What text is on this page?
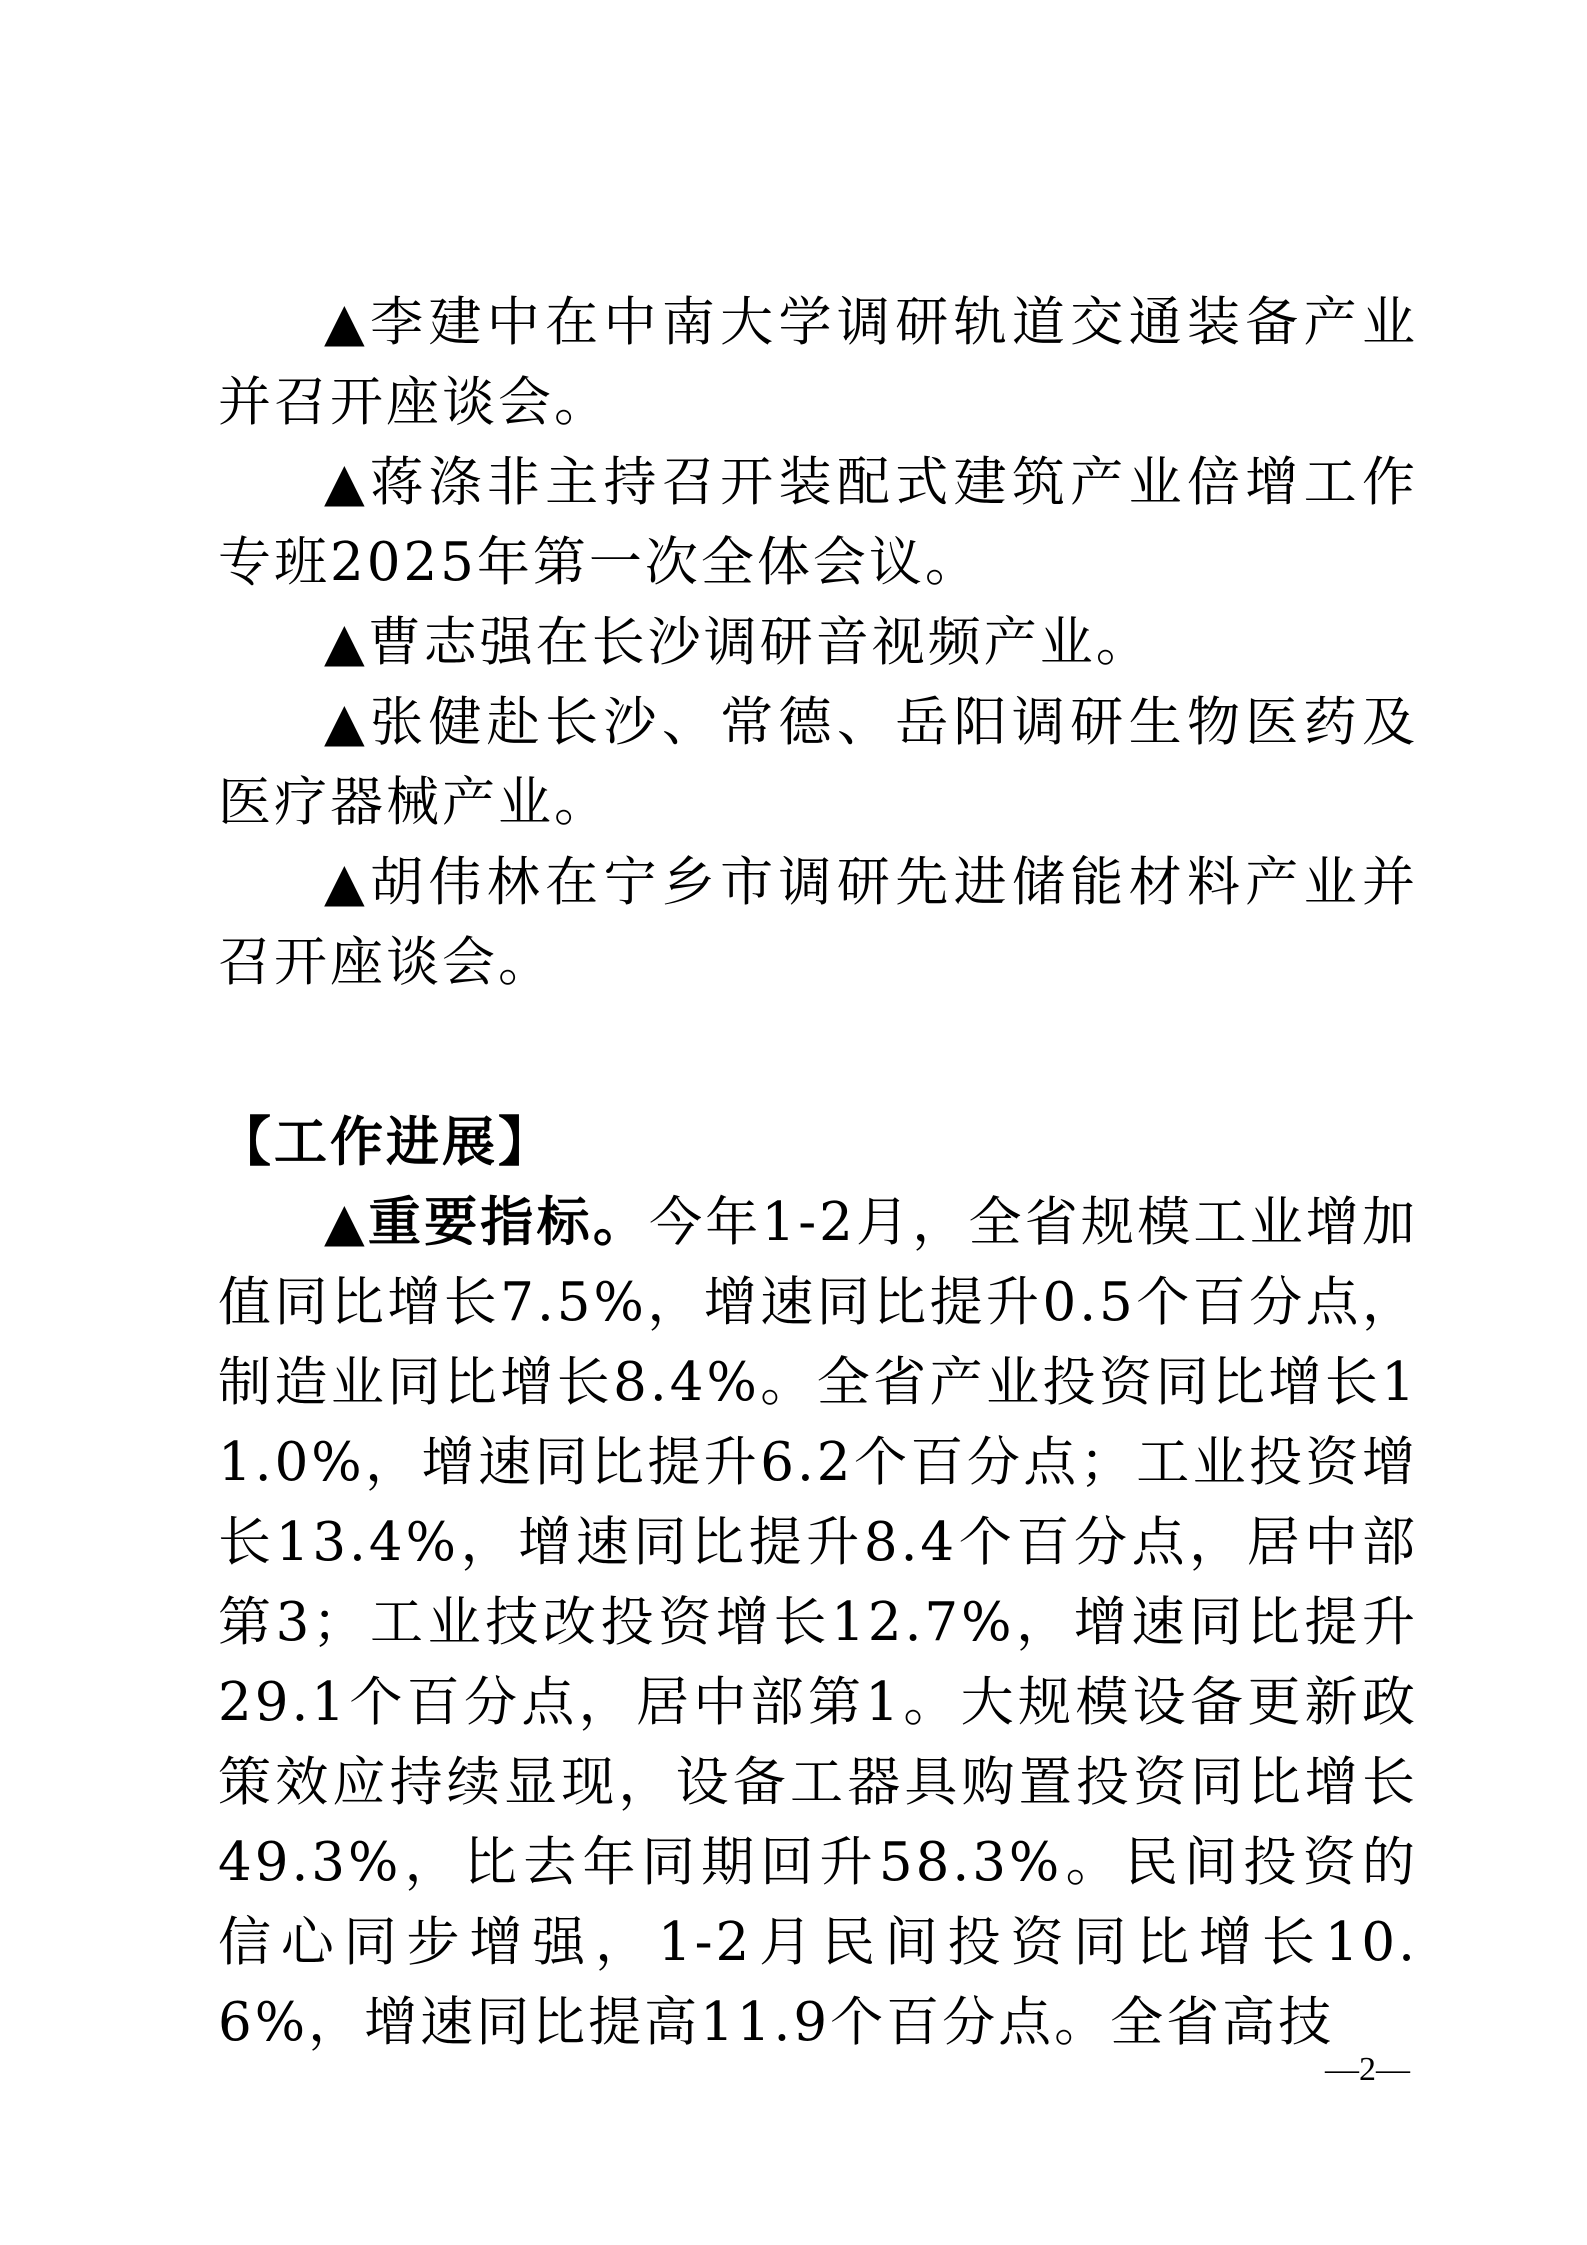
▲李建中在中南大学调研轨道交通装备产业并召开座谈会。

▲蒋涤非主持召开装配式建筑产业倍增工作专班2025年第一次全体会议。

▲曹志强在长沙调研音视频产业。

▲张健赴长沙、常德、岳阳调研生物医药及医疗器械产业。

▲胡伟林在宁乡市调研先进储能材料产业并召开座谈会。

【工作进展】

▲重要指标。今年1-2月，全省规模工业增加值同比增长7.5%，增速同比提升0.5个百分点，制造业同比增长8.4%。全省产业投资同比增长11.0%，增速同比提升6.2个百分点；工业投资增长13.4%，增速同比提升8.4个百分点，居中部第3；工业技改投资增长12.7%，增速同比提升29.1个百分点，居中部第1。大规模设备更新政策效应持续显现，设备工器具购置投资同比增长49.3%，比去年同期回升58.3%。民间投资的信心同步增强，1-2月民间投资同比增长10.6%，增速同比提高11.9个百分点。全省高技

—2—
